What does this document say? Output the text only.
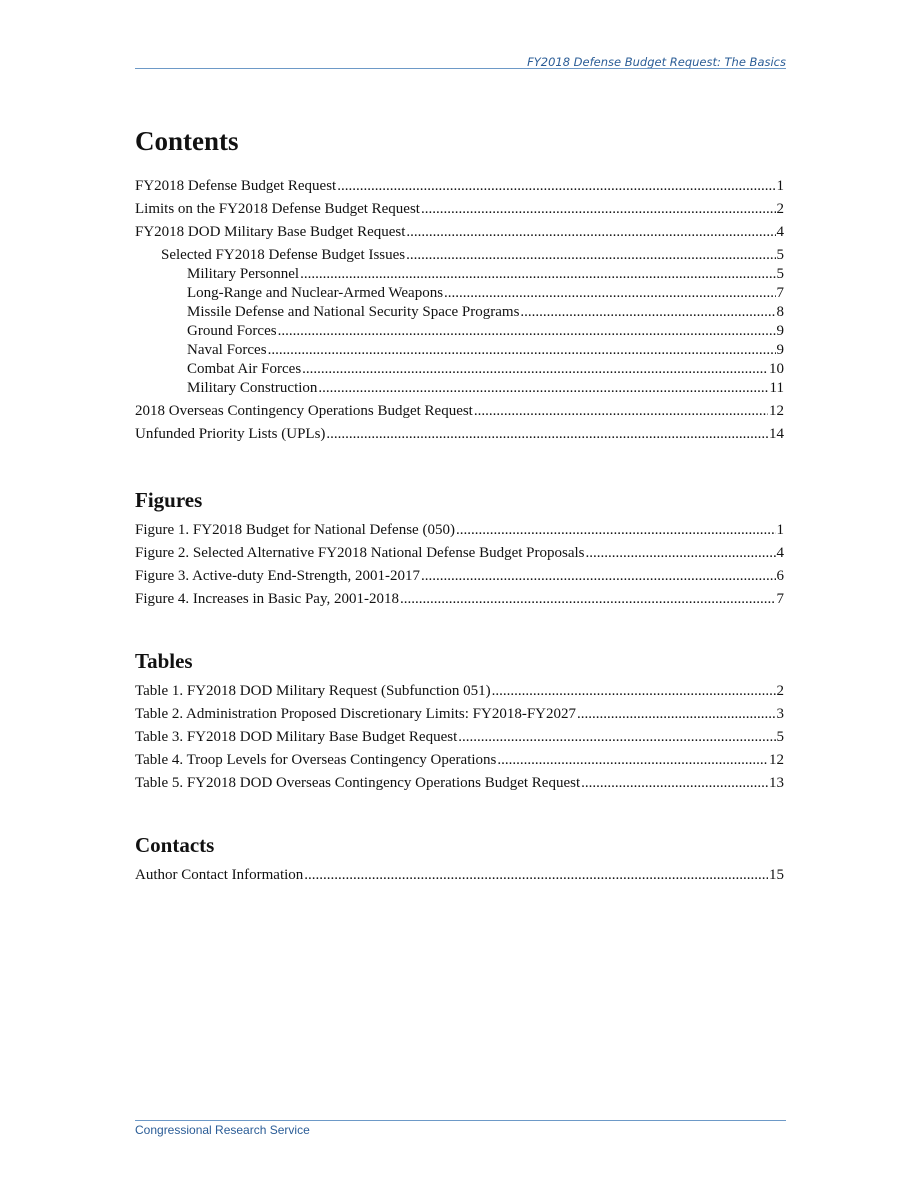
FY2018 Defense Budget Request: The Basics
Contents
FY2018 Defense Budget Request .....	1
Limits on the FY2018 Defense Budget Request .....	2
FY2018 DOD Military Base Budget Request .....	4
Selected FY2018 Defense Budget Issues .....	5
Military Personnel .....	5
Long-Range and Nuclear-Armed Weapons .....	7
Missile Defense and National Security Space Programs .....	8
Ground Forces .....	9
Naval Forces .....	9
Combat Air Forces .....	10
Military Construction .....	11
2018 Overseas Contingency Operations Budget Request .....	12
Unfunded Priority Lists (UPLs) .....	14
Figures
Figure 1. FY2018 Budget for National Defense (050) .....	1
Figure 2. Selected Alternative FY2018 National Defense Budget Proposals .....	4
Figure 3. Active-duty End-Strength, 2001-2017 .....	6
Figure 4. Increases in Basic Pay, 2001-2018 .....	7
Tables
Table 1. FY2018 DOD Military Request (Subfunction 051) .....	2
Table 2. Administration Proposed Discretionary Limits: FY2018-FY2027 .....	3
Table 3. FY2018 DOD Military Base Budget Request .....	5
Table 4. Troop Levels for Overseas Contingency Operations .....	12
Table 5. FY2018 DOD Overseas Contingency Operations Budget Request .....	13
Contacts
Author Contact Information .....	15
Congressional Research Service
